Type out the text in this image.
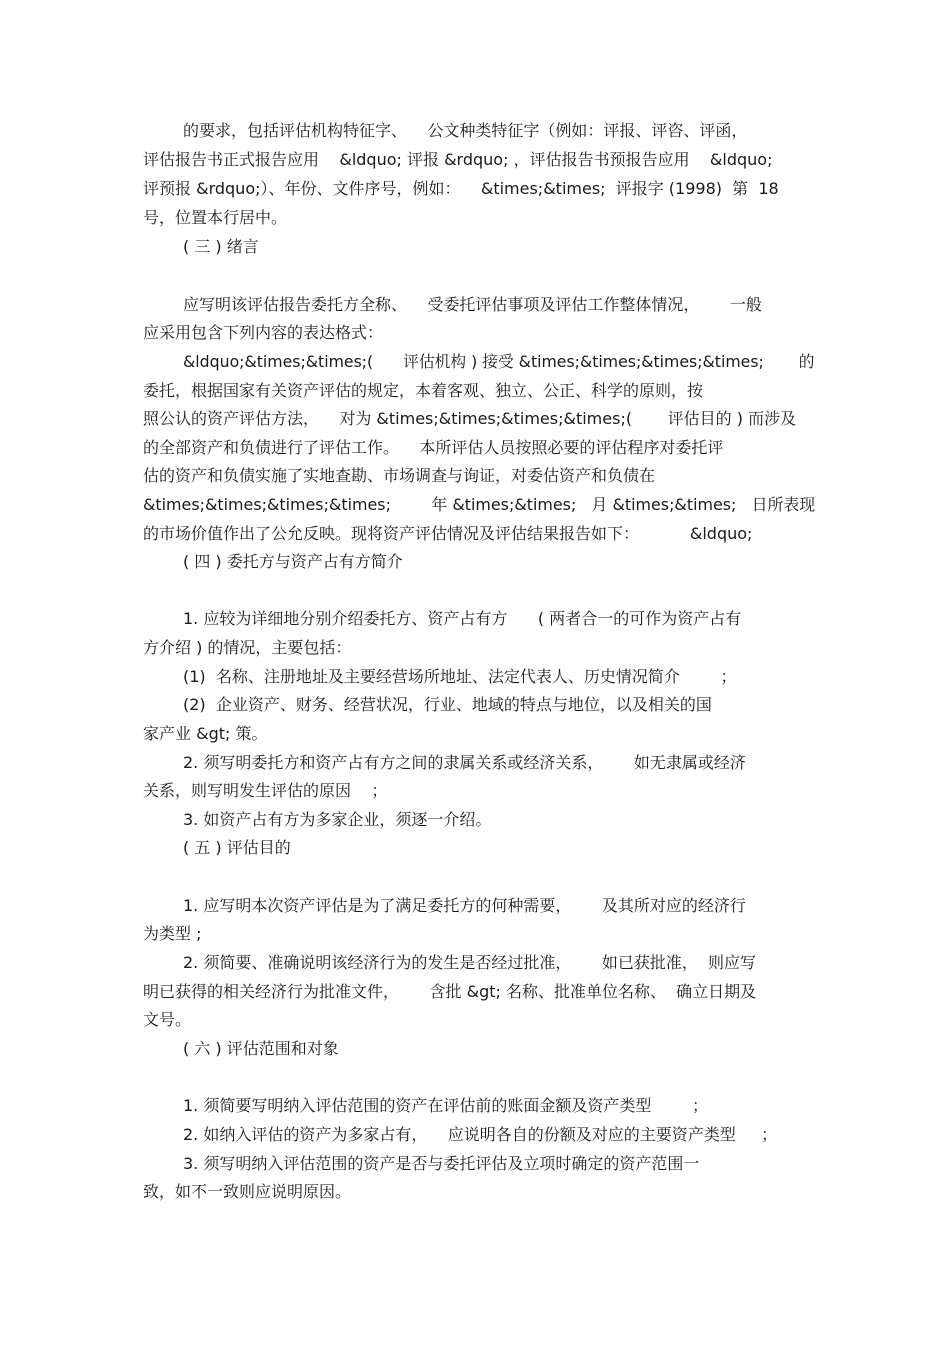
的要求，包括评估机构特征字、    公文种类特征字（例如：评报、评咨、评函，
评估报告书正式报告应用    &ldquo; 评报 &rdquo; ，评估报告书预报告应用    &ldquo;
评预报 &rdquo;）、年份、文件序号，例如：    &times;&times;  评报字 (1998)  第  18
号，位置本行居中。
( 三 ) 绪言
应写明该评估报告委托方全称、    受委托评估事项及评估工作整体情况，      一般
应采用包含下列内容的表达格式：
&ldquo;&times;&times;(      评估机构 ) 接受 &times;&times;&times;&times;       的
委托，根据国家有关资产评估的规定，本着客观、独立、公正、科学的原则，按
照公认的资产评估方法，    对为 &times;&times;&times;&times;(       评估目的 ) 而涉及
的全部资产和负债进行了评估工作。    本所评估人员按照必要的评估程序对委托评
估的资产和负债实施了实地查勘、市场调查与询证，对委估资产和负债在
&times;&times;&times;&times;        年 &times;&times;   月 &times;&times;   日所表现
的市场价值作出了公允反映。现将资产评估情况及评估结果报告如下：          &ldquo;
( 四 ) 委托方与资产占有方简介
1. 应较为详细地分别介绍委托方、资产占有方      ( 两者合一的可作为资产占有
方介绍 ) 的情况，主要包括：
(1)  名称、注册地址及主要经营场所地址、法定代表人、历史情况简介        ；
(2)  企业资产、财务、经营状况，行业、地域的特点与地位，以及相关的国
家产业 &gt; 策。
2. 须写明委托方和资产占有方之间的隶属关系或经济关系，      如无隶属或经济
关系，则写明发生评估的原因    ；
3. 如资产占有方为多家企业，须逐一介绍。
( 五 ) 评估目的
1. 应写明本次资产评估是为了满足委托方的何种需要，      及其所对应的经济行
为类型 ;
2. 须简要、准确说明该经济行为的发生是否经过批准，      如已获批准，  则应写
明已获得的相关经济行为批准文件，      含批 &gt; 名称、批准单位名称、  确立日期及
文号。
( 六 ) 评估范围和对象
1. 须简要写明纳入评估范围的资产在评估前的账面金额及资产类型        ；
2. 如纳入评估的资产为多家占有，    应说明各自的份额及对应的主要资产类型     ；
3. 须写明纳入评估范围的资产是否与委托评估及立项时确定的资产范围一
致，如不一致则应说明原因。
